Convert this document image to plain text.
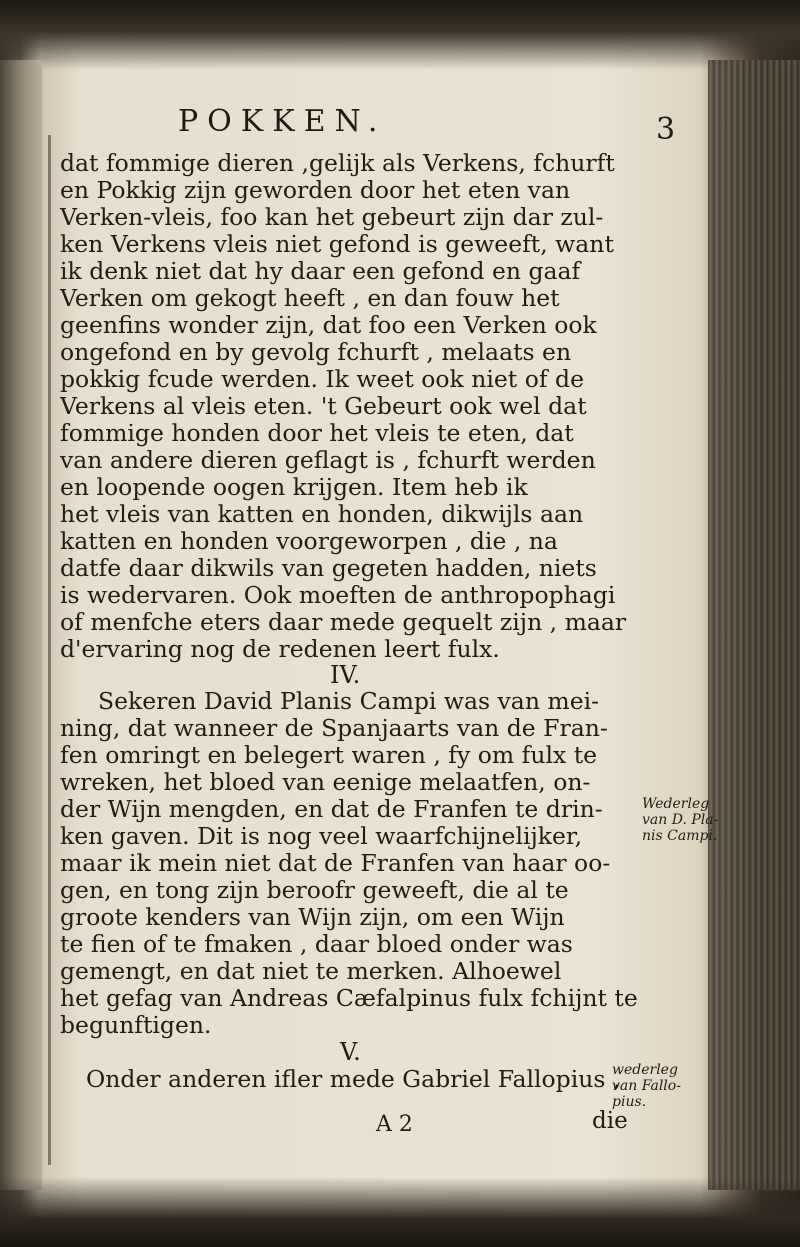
POKKEN.	3
dat fommige dieren ,gelijk als Verkens, fchurft
en Pokkig zijn geworden door het eten van
Verken-vleis, foo kan het gebeurt zijn dar zul-
ken Verkens vleis niet gefond is geweeft, want
ik denk niet dat hy daar een gefond en gaaf
Verken om gekogt heeft , en dan fouw het
geenfins wonder zijn, dat foo een Verken ook
ongefond en by gevolg fchurft , melaats en
pokkig fcude werden. Ik weet ook niet of de
Verkens al vleis eten. 't Gebeurt ook wel dat
fommige honden door het vleis te eten, dat
van andere dieren geflagt is , fchurft werden
en loopende oogen krijgen. Item heb ik
het vleis van katten en honden, dikwijls aan
katten en honden voorgeworpen , die , na
datfe daar dikwils van gegeten hadden, niets
is wedervaren. Ook moeften de anthropophagi
of menfche eters daar mede gequelt zijn , maar
d'ervaring nog de redenen leert fulx.
IV.
Sekeren David Planis Campi was van mei-
ning, dat wanneer de Spanjaarts van de Fran-
fen omringt en belegert waren , fy om fulx te
wreken, het bloed van eenige melaatfen, on-
der Wijn mengden, en dat de Franfen te drin-
ken gaven. Dit is nog veel waarfchijnelijker,
maar ik mein niet dat de Franfen van haar oo-
gen, en tong zijn beroofr geweeft, die al te
groote kenders van Wijn zijn, om een Wijn
te fien of te fmaken , daar bloed onder was
gemengt, en dat niet te merken. Alhoewel
het gefag van Andreas Cæfalpinus fulx fchijnt te
begunftigen.
V.
Onder anderen ifler mede Gabriel Fallopius ,
A 2	die
Wederleg
van D. Pla-
nis Campi.
wederleg
van Fallo-
pius.
